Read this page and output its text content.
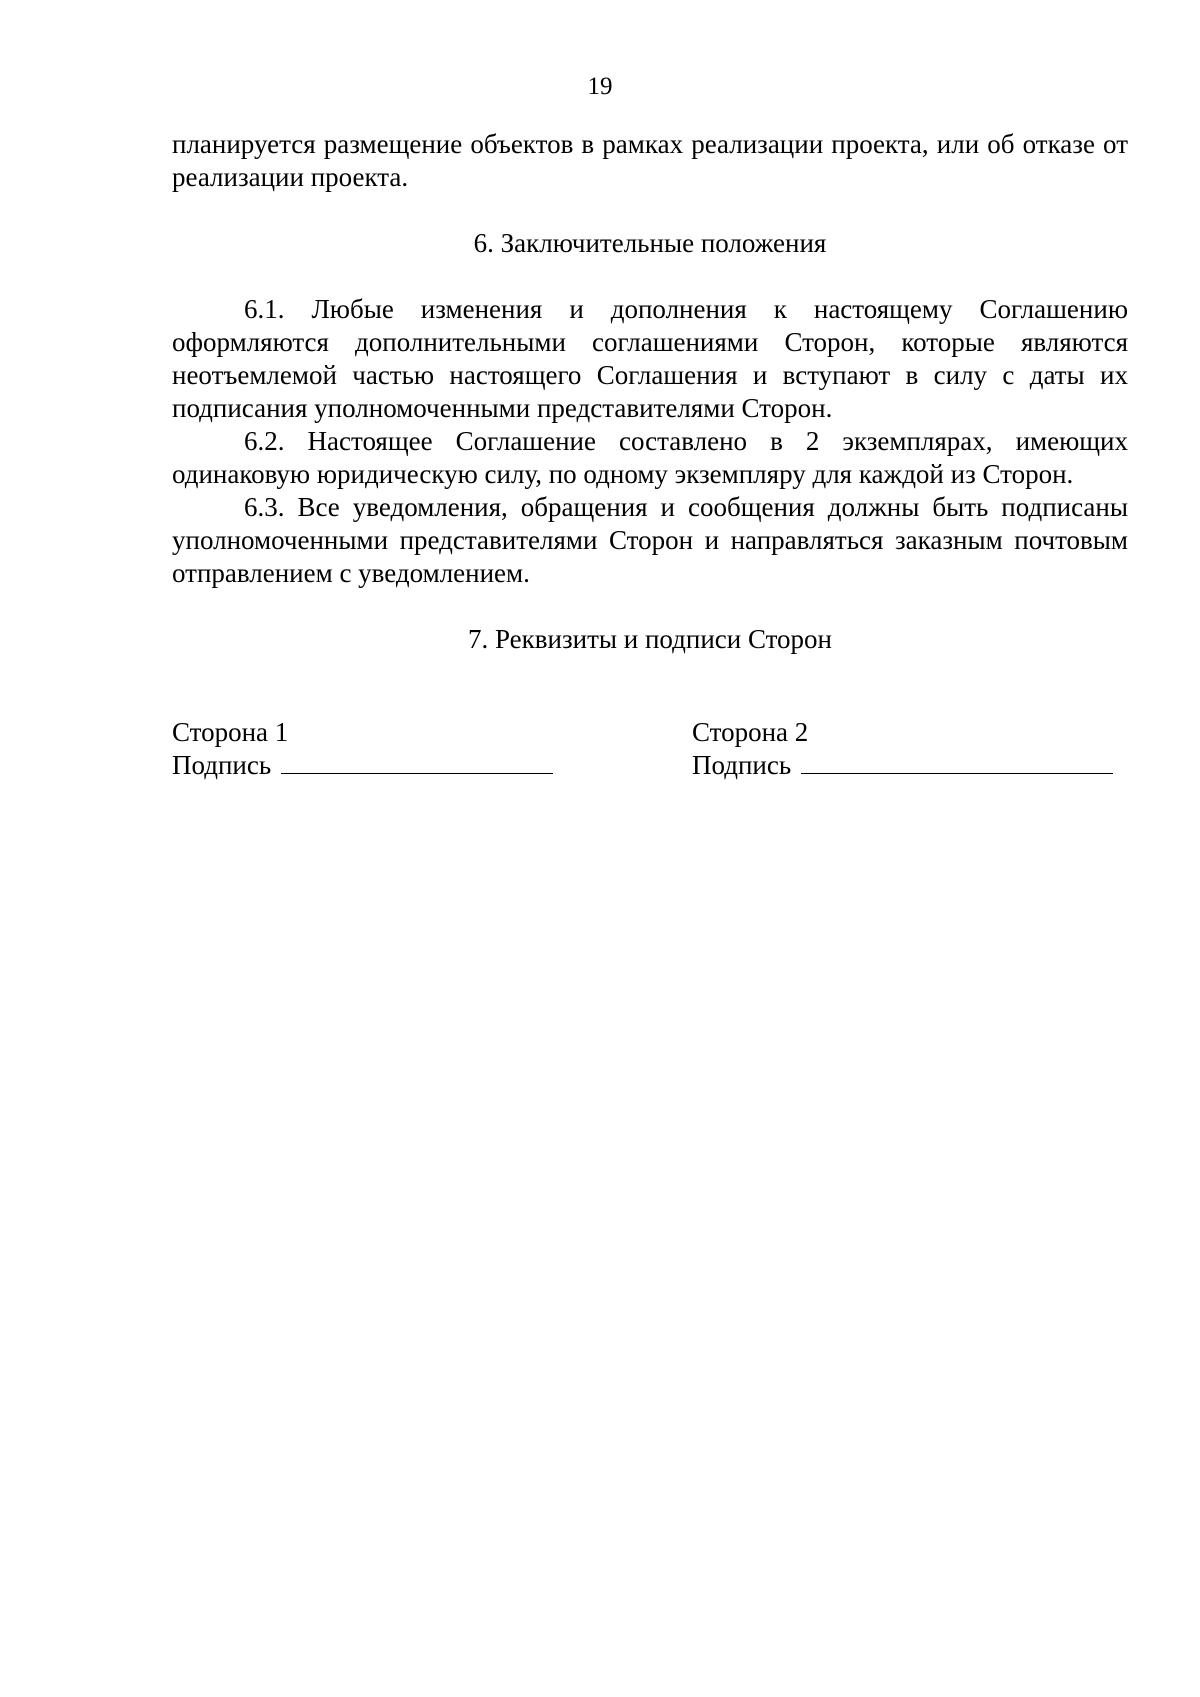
19

планируется размещение объектов в рамках реализации проекта, или об отказе от реализации проекта.

6. Заключительные положения

6.1. Любые изменения и дополнения к настоящему Соглашению оформляются дополнительными соглашениями Сторон, которые являются неотъемлемой частью настоящего Соглашения и вступают в силу с даты их подписания уполномоченными представителями Сторон.

6.2. Настоящее Соглашение составлено в 2 экземплярах, имеющих одинаковую юридическую силу, по одному экземпляру для каждой из Сторон.

6.3. Все уведомления, обращения и сообщения должны быть подписаны уполномоченными представителями Сторон и направляться заказным почтовым отправлением с уведомлением.

7. Реквизиты и подписи Сторон

Сторона 1
Подпись
Сторона 2
Подпись
